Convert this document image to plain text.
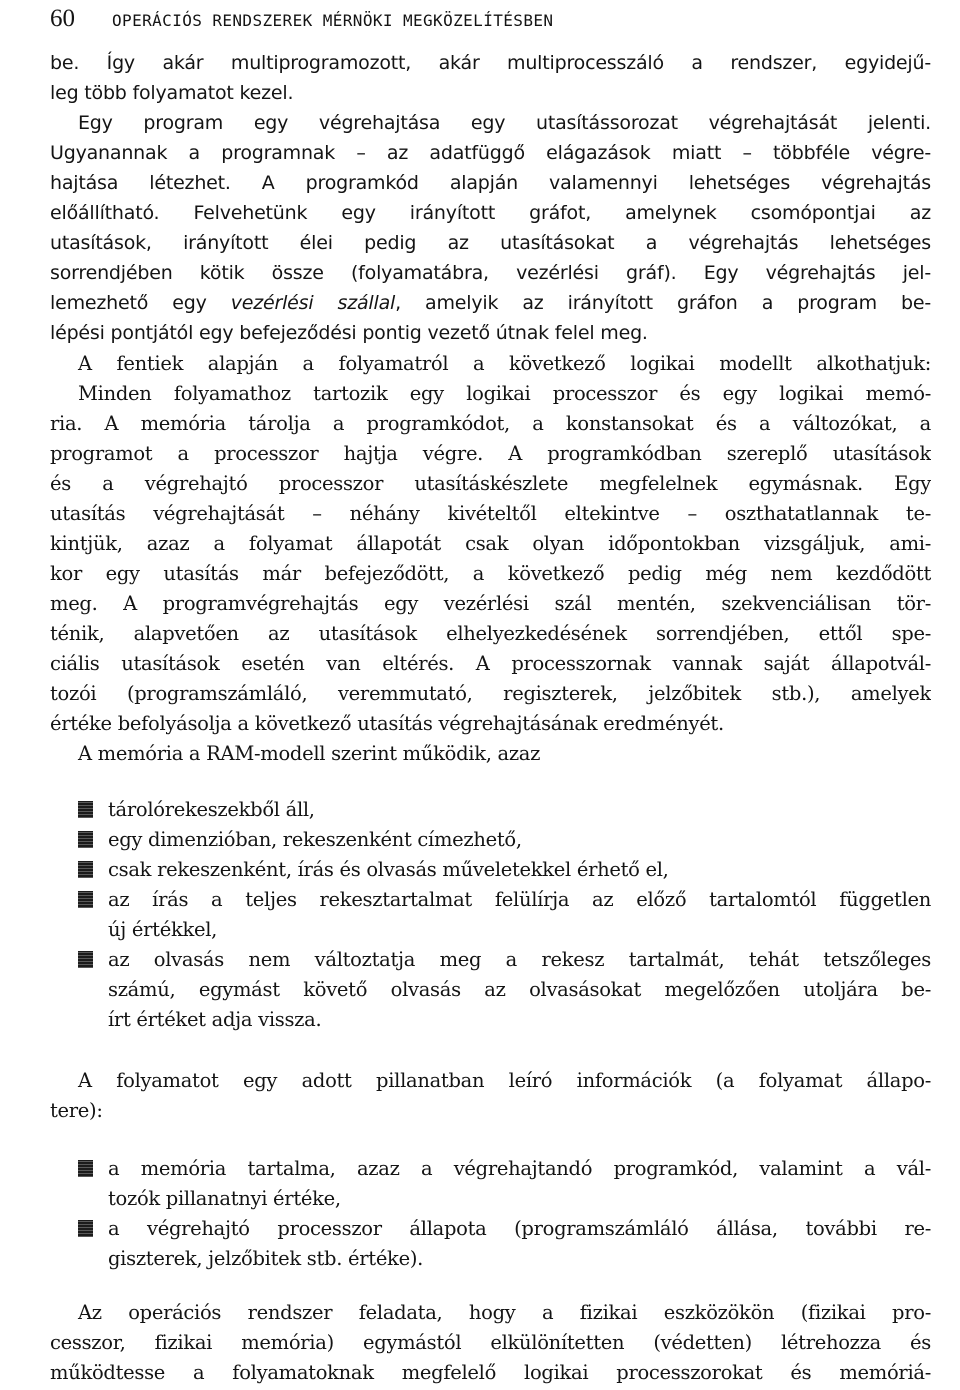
60 OPERÁCIÓS RENDSZEREK MÉRNÖKI MEGKÖZELÍTÉSBEN
be. Így akár multiprogramozott, akár multiprocesszáló a rendszer, egyidejű-
leg több folyamatot kezel.
Egy program egy végrehajtása egy utasítássorozat végrehajtását jelenti.
Ugyanannak a programnak – az adatfüggő elágazások miatt – többféle végre-
hajtása létezhet. A programkód alapján valamennyi lehetséges végrehajtás
előállítható. Felvehetünk egy irányított gráfot, amelynek csomópontjai az
utasítások, irányított élei pedig az utasításokat a végrehajtás lehetséges
sorrendjében kötik össze (folyamatábra, vezérlési gráf). Egy végrehajtás jel-
lemezhető egy vezérlési szállal, amelyik az irányított gráfon a program be-
lépési pontjától egy befejeződési pontig vezető útnak felel meg.
A fentiek alapján a folyamatról a következő logikai modellt alkothatjuk:
Minden folyamathoz tartozik egy logikai processzor és egy logikai memó-
ria. A memória tárolja a programkódot, a konstansokat és a változókat, a
programot a processzor hajtja végre. A programkódban szereplő utasítások
és a végrehajtó processzor utasításkészlete megfelelnek egymásnak. Egy
utasítás végrehajtását – néhány kivételtől eltekintve – oszthatatlannak te-
kintjük, azaz a folyamat állapotát csak olyan időpontokban vizsgáljuk, ami-
kor egy utasítás már befejeződött, a következő pedig még nem kezdődött
meg. A programvégrehajtás egy vezérlési szál mentén, szekvenciálisan tör-
ténik, alapvetően az utasítások elhelyezkedésének sorrendjében, ettől spe-
ciális utasítások esetén van eltérés. A processzornak vannak saját állapotvál-
tozói (programszámláló, veremmutató, regiszterek, jelzőbitek stb.), amelyek
értéke befolyásolja a következő utasítás végrehajtásának eredményét.
A memória a RAM-modell szerint működik, azaz
tárolórekeszekből áll,
egy dimenzióban, rekeszenként címezhető,
csak rekeszenként, írás és olvasás műveletekkel érhető el,
az írás a teljes rekesztartalmat felülírja az előző tartalomtól független
új értékkel,
az olvasás nem változtatja meg a rekesz tartalmát, tehát tetszőleges
számú, egymást követő olvasás az olvasásokat megelőzően utoljára be-
írt értéket adja vissza.
A folyamatot egy adott pillanatban leíró információk (a folyamat állapo-
tere):
a memória tartalma, azaz a végrehajtandó programkód, valamint a vál-
tozók pillanatnyi értéke,
a végrehajtó processzor állapota (programszámláló állása, további re-
giszterek, jelzőbitek stb. értéke).
Az operációs rendszer feladata, hogy a fizikai eszközökön (fizikai pro-
cesszor, fizikai memória) egymástól elkülönítetten (védetten) létrehozza és
működtesse a folyamatoknak megfelelő logikai processzorokat és memóriá-
